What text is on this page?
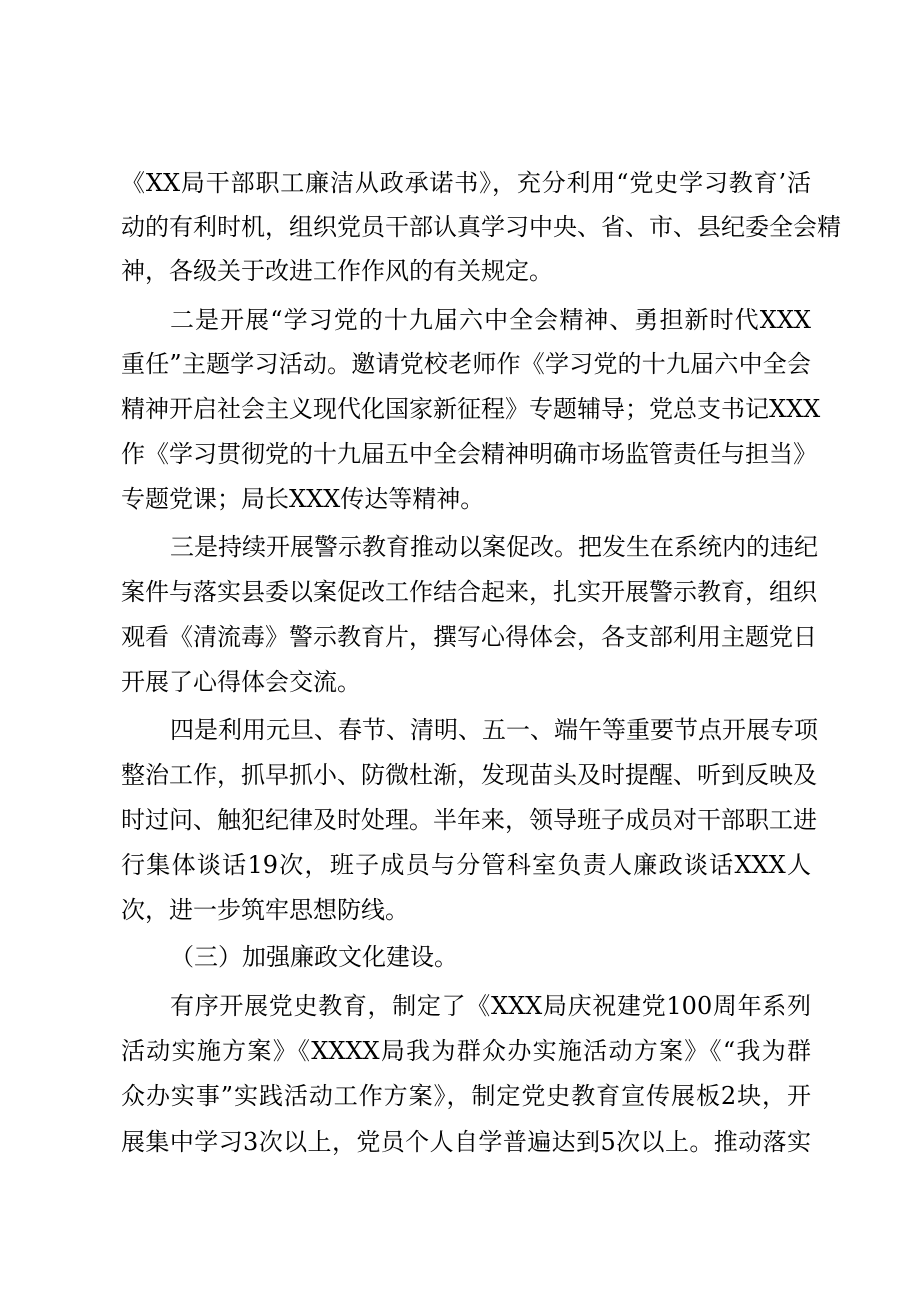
《XX局干部职工廉洁从政承诺书》，充分利用“党史学习教育’活
动的有利时机，组织党员干部认真学习中央、省、市、县纪委全会精
神，各级关于改进工作作风的有关规定。
二是开展“学习党的十九届六中全会精神、勇担新时代XXX
重任”主题学习活动。邀请党校老师作《学习党的十九届六中全会
精神开启社会主义现代化国家新征程》专题辅导；党总支书记XXX
作《学习贯彻党的十九届五中全会精神明确市场监管责任与担当》
专题党课；局长XXX传达等精神。
三是持续开展警示教育推动以案促改。把发生在系统内的违纪
案件与落实县委以案促改工作结合起来，扎实开展警示教育，组织
观看《清流毒》警示教育片，撰写心得体会，各支部利用主题党日
开展了心得体会交流。
四是利用元旦、春节、清明、五一、端午等重要节点开展专项
整治工作，抓早抓小、防微杜渐，发现苗头及时提醒、听到反映及
时过问、触犯纪律及时处理。半年来，领导班子成员对干部职工进
行集体谈话19次，班子成员与分管科室负责人廉政谈话XXX人
次，进一步筑牢思想防线。
（三）加强廉政文化建设。
有序开展党史教育，制定了《XXX局庆祝建党100周年系列
活动实施方案》《XXXX局我为群众办实施活动方案》《“我为群
众办实事”实践活动工作方案》，制定党史教育宣传展板2块，开
展集中学习3次以上，党员个人自学普遍达到5次以上。推动落实
